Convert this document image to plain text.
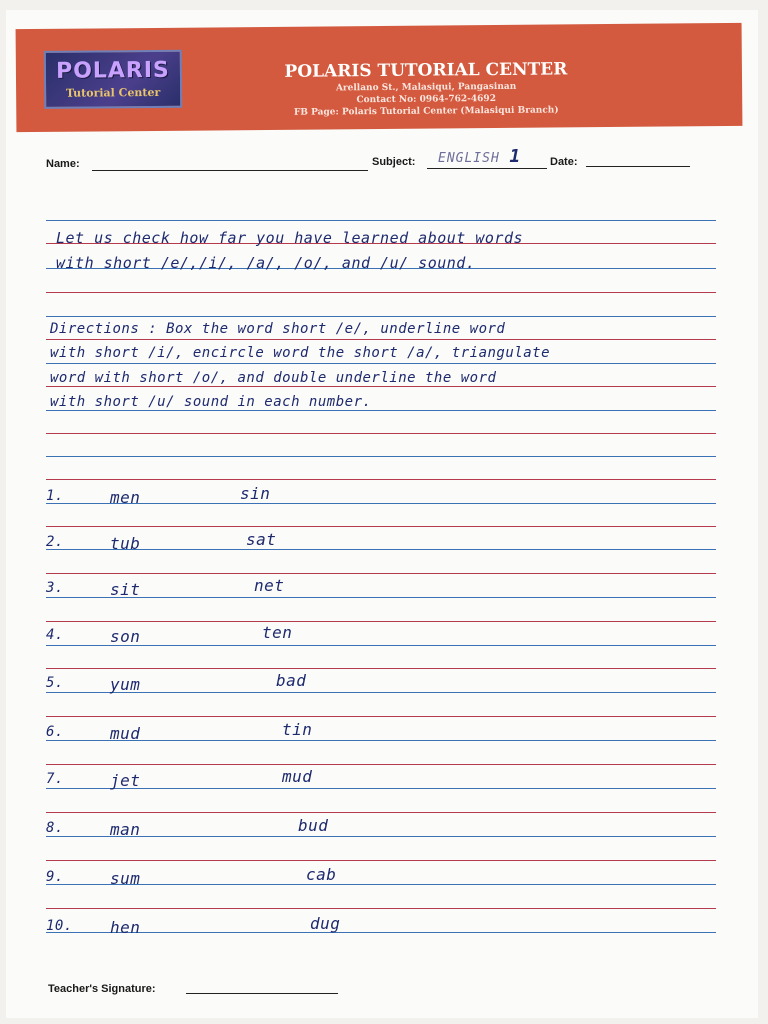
POLARIS
Tutorial Center
POLARIS TUTORIAL CENTER
Arellano St., Malasiqui, Pangasinan
Contact No: 0964-762-4692
FB Page: Polaris Tutorial Center (Malasiqui Branch)
Name:	Subject: ENGLISH 1	Date:
Teacher's Signature:
Let us check how far you have learned about words
with short /e/,/i/, /a/, /o/, and /u/ sound.
Directions : Box the word short /e/, underline word
with short /i/, encircle word the short /a/, triangulate
word with short /o/, and double underline the word
with short /u/ sound in each number.
1.	men	sin
2.	tub	sat
3.	sit	net
4.	son	ten
5.	yum	bad
6.	mud	tin
7.	jet	mud
8.	man	bud
9.	sum	cab
10. hen	dug
